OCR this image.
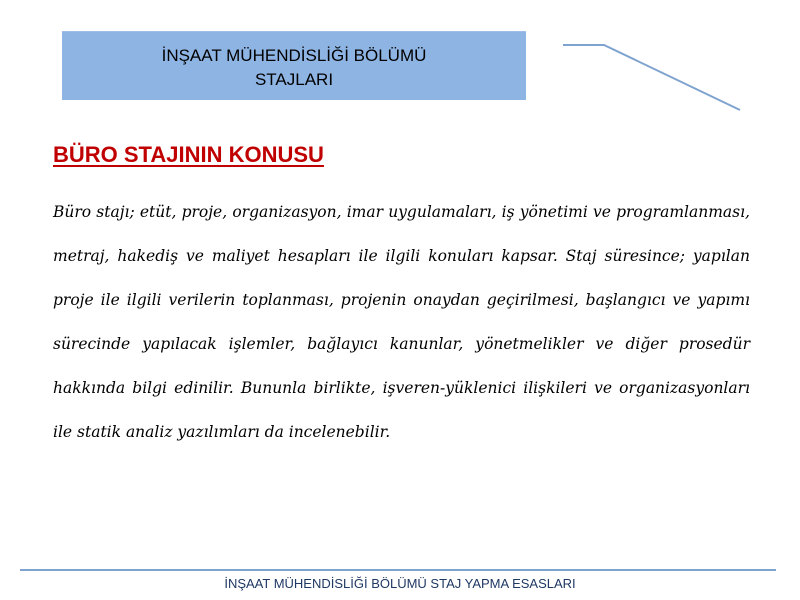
İNŞAAT MÜHENDİSLİĞİ BÖLÜMÜ
STAJLARI
BÜRO STAJININ KONUSU

Büro stajı; etüt, proje, organizasyon, imar uygulamaları, iş yönetimi ve programlanması, metraj, hakediş ve maliyet hesapları ile ilgili konuları kapsar. Staj süresince; yapılan proje ile ilgili verilerin toplanması, projenin onaydan geçirilmesi, başlangıcı ve yapımı sürecinde yapılacak işlemler, bağlayıcı kanunlar, yönetmelikler ve diğer prosedür hakkında bilgi edinilir. Bununla birlikte, işveren-yüklenici ilişkileri ve organizasyonları ile statik analiz yazılımları da incelenebilir.

İNŞAAT MÜHENDİSLİĞİ BÖLÜMÜ STAJ YAPMA ESASLARI
